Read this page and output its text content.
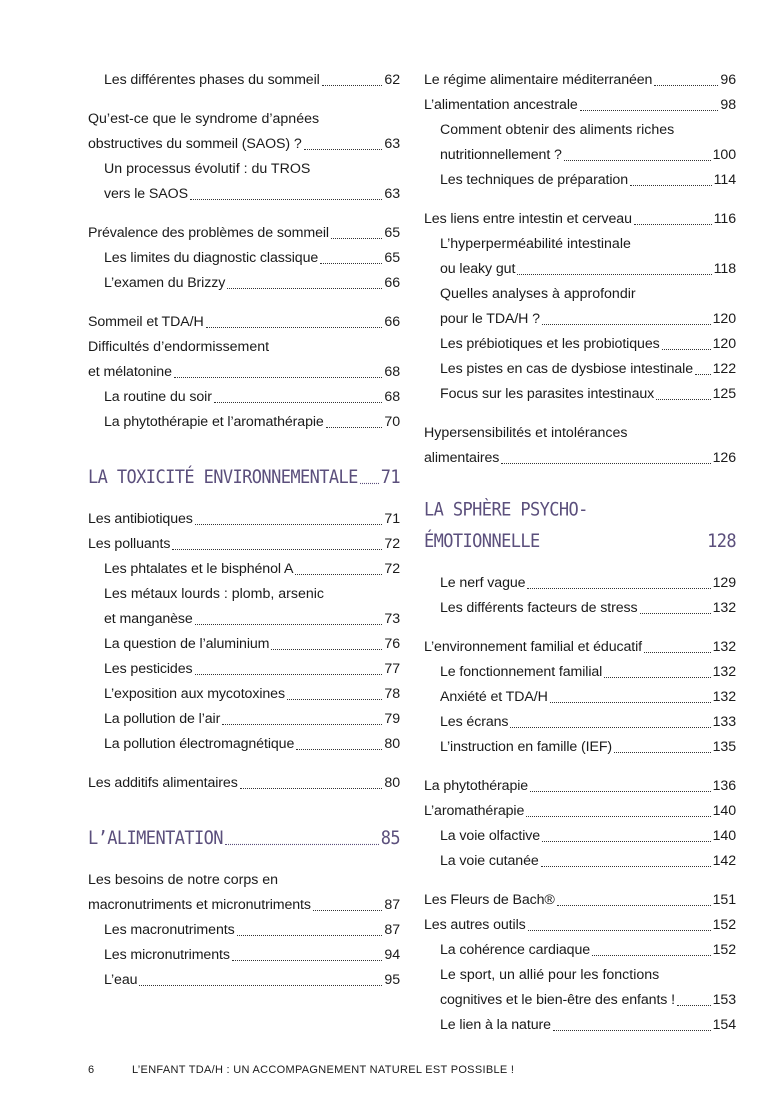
Les différentes phases du sommeil	62
Qu’est-ce que le syndrome d’apnées
obstructives du sommeil (SAOS) ?	63
Un processus évolutif : du TROS
vers le SAOS	63
Prévalence des problèmes de sommeil	65
Les limites du diagnostic classique	65
L’examen du Brizzy	66
Sommeil et TDA/H	66
Difficultés d’endormissement
et mélatonine	68
La routine du soir	68
La phytothérapie et l’aromathérapie	70
LA TOXICITÉ ENVIRONNEMENTALE 71
Les antibiotiques	71
Les polluants	72
Les phtalates et le bisphénol A	72
Les métaux lourds : plomb, arsenic
et manganèse	73
La question de l’aluminium	76
Les pesticides	77
L’exposition aux mycotoxines	78
La pollution de l’air	79
La pollution électromagnétique	80
Les additifs alimentaires	80
L’ALIMENTATION	85
Les besoins de notre corps en
macronutriments et micronutriments	87
Les macronutriments	87
Les micronutriments	94
L’eau	95
Le régime alimentaire méditerranéen	96
L’alimentation ancestrale	98
Comment obtenir des aliments riches
nutritionnellement ?	100
Les techniques de préparation	114
Les liens entre intestin et cerveau	116
L’hyperperméabilité intestinale
ou leaky gut	118
Quelles analyses à approfondir
pour le TDA/H ?	120
Les prébiotiques et les probiotiques	120
Les pistes en cas de dysbiose intestinale 122
Focus sur les parasites intestinaux	125
Hypersensibilités et intolérances
alimentaires	126
LA SPHÈRE PSYCHO-ÉMOTIONNELLE	128
Le nerf vague	129
Les différents facteurs de stress	132
L’environnement familial et éducatif	132
Le fonctionnement familial	132
Anxiété et TDA/H	132
Les écrans	133
L’instruction en famille (IEF)	135
La phytothérapie	136
L’aromathérapie	140
La voie olfactive	140
La voie cutanée	142
Les Fleurs de Bach®	151
Les autres outils	152
La cohérence cardiaque	152
Le sport, un allié pour les fonctions
cognitives et le bien-être des enfants !	153
Le lien à la nature	154
6	L’ENFANT TDA/H : UN ACCOMPAGNEMENT NATUREL EST POSSIBLE !
